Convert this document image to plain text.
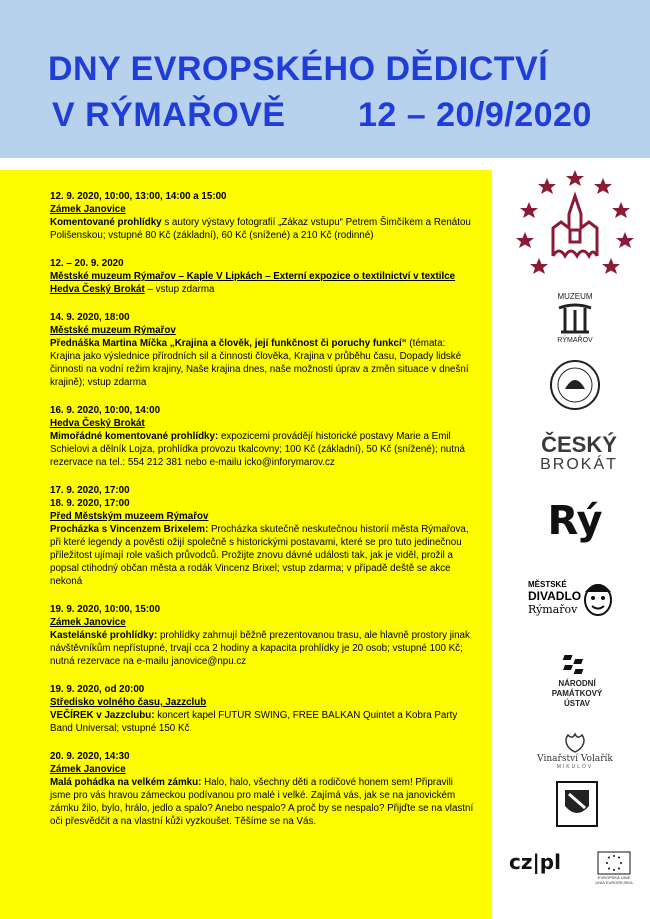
DNY EVROPSKÉHO DĚDICTVÍ
V RÝMAŘOVĚ 12 – 20/9/2020
12. 9. 2020, 10:00, 13:00, 14:00 a 15:00
Zámek Janovice
Komentované prohlídky s autory výstavy fotografií „Zákaz vstupu“ Petrem Šimčíkem a Renátou Polišenskou; vstupné 80 Kč (základní), 60 Kč (snížené) a 210 Kč (rodinné)
12. – 20. 9. 2020
Městské muzeum Rýmařov – Kaple V Lipkách – Externí expozice o textilnictví v textilce Hedva Český Brokát – vstup zdarma
14. 9. 2020, 18:00
Městské muzeum Rýmařov
Přednáška Martina Míčka „Krajina a člověk, její funkčnost či poruchy funkcí“ (témata: Krajina jako výslednice přírodních sil a činnosti člověka, Krajina v průběhu času, Dopady lidské činnosti na vodní režim krajiny, Naše krajina dnes, naše možnosti úprav a změn situace v dnešní krajině); vstup zdarma
16. 9. 2020, 10:00, 14:00
Hedva Český Brokát
Mimořádné komentované prohlídky: expozicemi provádějí historické postavy Marie a Emil Schielovi a dělník Lojza, prohlídka provozu tkalcovny; 100 Kč (základní), 50 Kč (snížené); nutná rezervace na tel.: 554 212 381 nebo e-mailu icko@inforymarov.cz
17. 9. 2020, 17:00
18. 9. 2020, 17:00
Před Městským muzeem Rýmařov
Procházka s Vincenzem Brixelem: Procházka skutečně neskutečnou historií města Rýmařova, při které legendy a pověsti ožijí společně s historickými postavami, které se pro tuto jedinečnou příležitost ujímají role vašich průvodců. Prožijte znovu dávné události tak, jak je viděl, prožil a popsal ctihodný občan města a rodák Vincenz Brixel; vstup zdarma; v případě deště se akce nekoná
19. 9. 2020, 10:00, 15:00
Zámek Janovice
Kastelánské prohlídky: prohlídky zahrnují běžně prezentovanou trasu, ale hlavně prostory jinak návštěvníkům nepřístupné, trvají cca 2 hodiny a kapacita prohlídky je 20 osob; vstupné 100 Kč; nutná rezervace na e-mailu janovice@npu.cz
19. 9. 2020, od 20:00
Středisko volného času, Jazzclub
VEČÍREK v Jazzclubu: koncert kapel FUTUR SWING, FREE BALKAN Quintet a Kobra Party Band Universal; vstupné 150 Kč
20. 9. 2020, 14:30
Zámek Janovice
Malá pohádka na velkém zámku: Halo, halo, všechny děti a rodičové honem sem! Připravili jsme pro vás hravou zámeckou podívanou pro malé i velké. Zajímá vás, jak se na janovickém zámku žilo, bylo, hrálo, jedlo a spalo? Anebo nespalo? A proč by se nespalo? Přijďte se na vlastní oči přesvědčit a na vlastní kůži vyzkoušet. Těšíme se na Vás.
MUZEUM
RÝMAŘOV
ČESKÝ
BROKÁT
Rý
MĚSTSKÉ
DIVADLO
Rýmařov
NÁRODNÍ
PAMÁTKOVÝ
ÚSTAV
Vinařství Volařík
MIKULOV
cz|pl
EVROPSKÁ UNIE
UNIA EUROPEJSKA
